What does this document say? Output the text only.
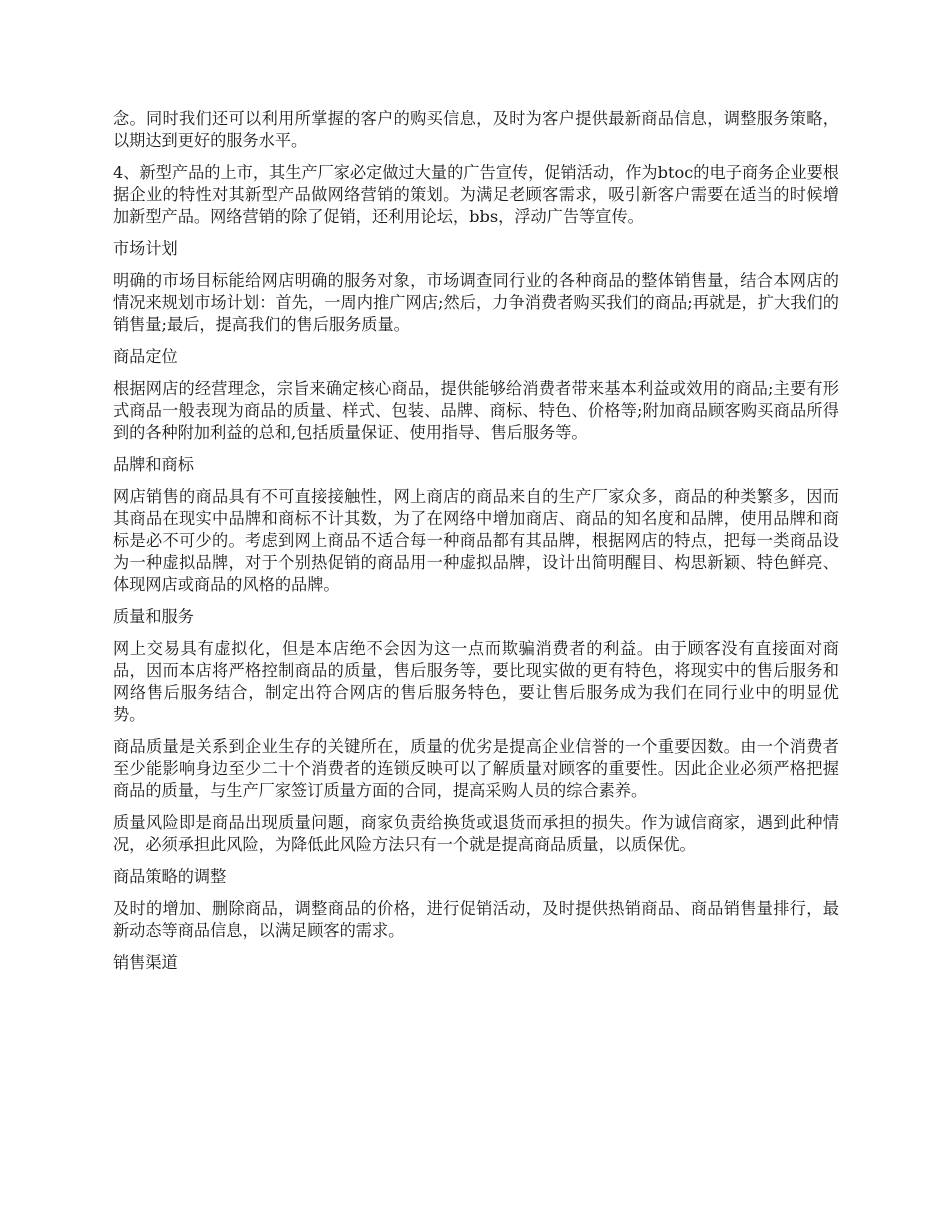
念。同时我们还可以利用所掌握的客户的购买信息，及时为客户提供最新商品信息，调整服务策略，以期达到更好的服务水平。

4、新型产品的上市，其生产厂家必定做过大量的广告宣传，促销活动，作为btoc的电子商务企业要根据企业的特性对其新型产品做网络营销的策划。为满足老顾客需求，吸引新客户需要在适当的时候增加新型产品。网络营销的除了促销，还利用论坛，bbs，浮动广告等宣传。

市场计划

明确的市场目标能给网店明确的服务对象，市场调查同行业的各种商品的整体销售量，结合本网店的情况来规划市场计划：首先，一周内推广网店;然后，力争消费者购买我们的商品;再就是，扩大我们的销售量;最后，提高我们的售后服务质量。

商品定位

根据网店的经营理念，宗旨来确定核心商品，提供能够给消费者带来基本利益或效用的商品;主要有形式商品一般表现为商品的质量、样式、包装、品牌、商标、特色、价格等;附加商品顾客购买商品所得到的各种附加利益的总和,包括质量保证、使用指导、售后服务等。

品牌和商标

网店销售的商品具有不可直接接触性，网上商店的商品来自的生产厂家众多，商品的种类繁多，因而其商品在现实中品牌和商标不计其数，为了在网络中增加商店、商品的知名度和品牌，使用品牌和商标是必不可少的。考虑到网上商品不适合每一种商品都有其品牌，根据网店的特点，把每一类商品设为一种虚拟品牌，对于个别热促销的商品用一种虚拟品牌，设计出简明醒目、构思新颖、特色鲜亮、体现网店或商品的风格的品牌。

质量和服务

网上交易具有虚拟化，但是本店绝不会因为这一点而欺骗消费者的利益。由于顾客没有直接面对商品，因而本店将严格控制商品的质量，售后服务等，要比现实做的更有特色，将现实中的售后服务和网络售后服务结合，制定出符合网店的售后服务特色，要让售后服务成为我们在同行业中的明显优势。

商品质量是关系到企业生存的关键所在，质量的优劣是提高企业信誉的一个重要因数。由一个消费者至少能影响身边至少二十个消费者的连锁反映可以了解质量对顾客的重要性。因此企业必须严格把握商品的质量，与生产厂家签订质量方面的合同，提高采购人员的综合素养。

质量风险即是商品出现质量问题，商家负责给换货或退货而承担的损失。作为诚信商家，遇到此种情况，必须承担此风险，为降低此风险方法只有一个就是提高商品质量，以质保优。

商品策略的调整

及时的增加、删除商品，调整商品的价格，进行促销活动，及时提供热销商品、商品销售量排行，最新动态等商品信息，以满足顾客的需求。

销售渠道
